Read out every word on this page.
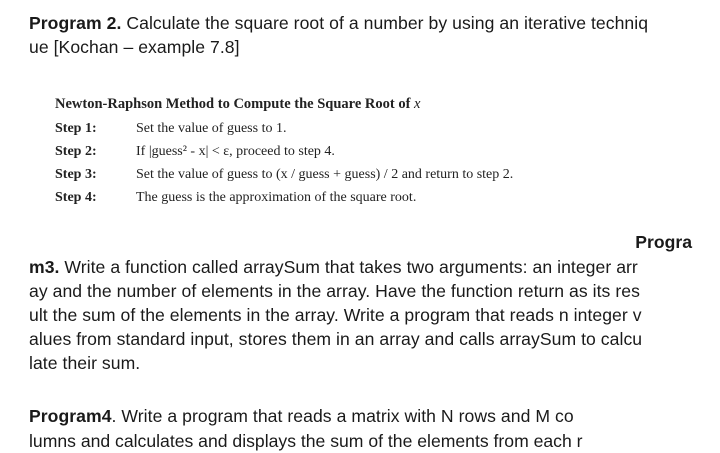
Program 2. Calculate the square root of a number by using an iterative techniq
ue [Kochan – example 7.8]
Newton-Raphson Method to Compute the Square Root of x
Step 1:	Set the value of guess to 1.
Step 2:	If |guess² - x| < ε, proceed to step 4.
Step 3:	Set the value of guess to (x / guess + guess) / 2 and return to step 2.
Step 4:	The guess is the approximation of the square root.
Progra
m3. Write a function called arraySum that takes two arguments: an integer arr
ay and the number of elements in the array. Have the function return as its res
ult the sum of the elements in the array. Write a program that reads n integer v
alues from standard input, stores them in an array and calls arraySum to calcu
late their sum.
Program4. Write a program that reads a matrix with N rows and M co
lumns and calculates and displays the sum of the elements from each r
